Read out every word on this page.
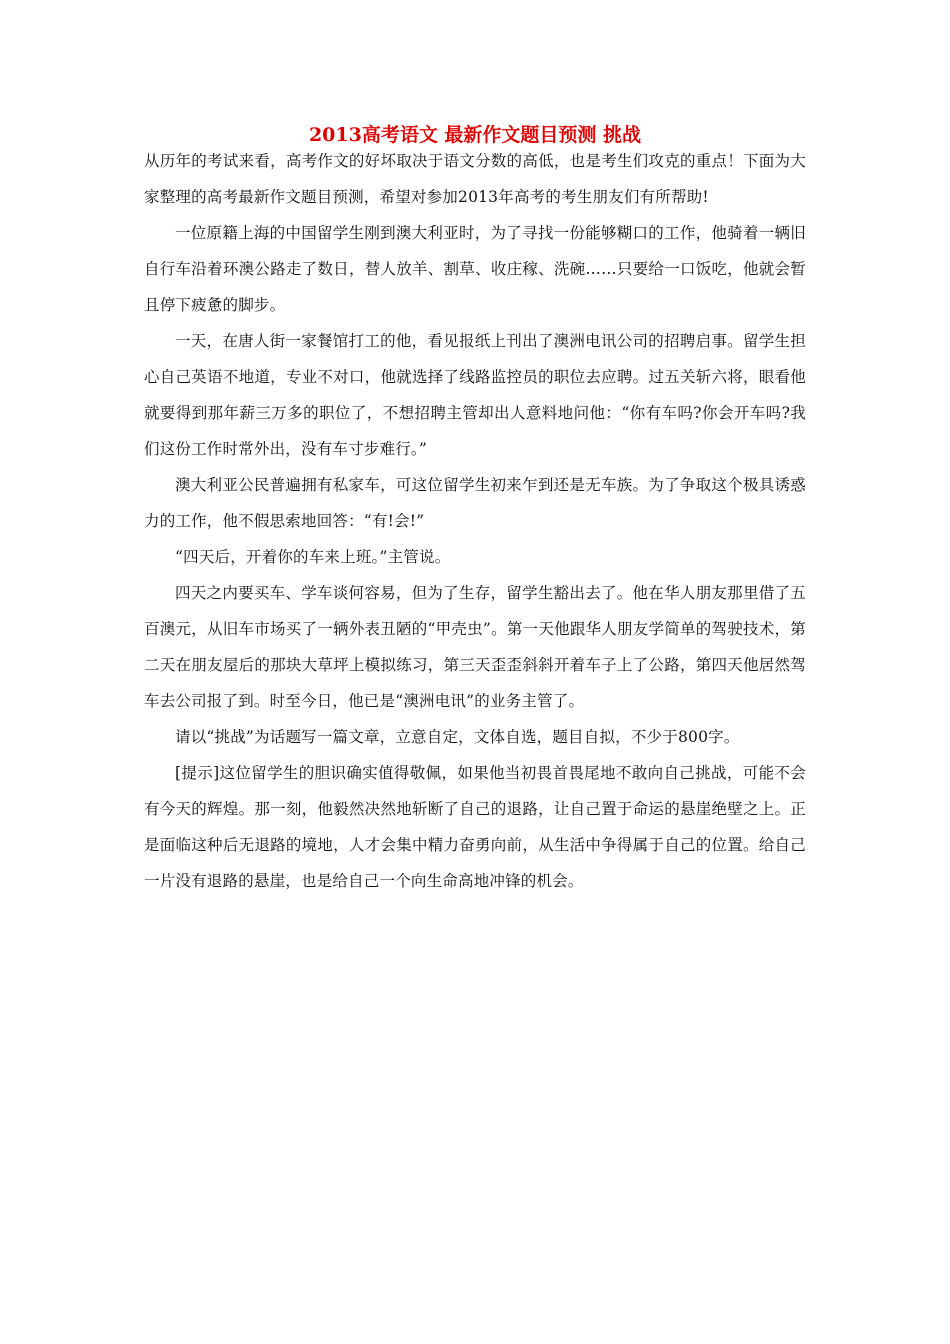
2013高考语文 最新作文题目预测 挑战

从历年的考试来看，高考作文的好坏取决于语文分数的高低，也是考生们攻克的重点！下面为大家整理的高考最新作文题目预测，希望对参加2013年高考的考生朋友们有所帮助!

一位原籍上海的中国留学生刚到澳大利亚时，为了寻找一份能够糊口的工作，他骑着一辆旧自行车沿着环澳公路走了数日，替人放羊、割草、收庄稼、洗碗……只要给一口饭吃，他就会暂且停下疲惫的脚步。

一天，在唐人街一家餐馆打工的他，看见报纸上刊出了澳洲电讯公司的招聘启事。留学生担心自己英语不地道，专业不对口，他就选择了线路监控员的职位去应聘。过五关斩六将，眼看他就要得到那年薪三万多的职位了，不想招聘主管却出人意料地问他：“你有车吗?你会开车吗?我们这份工作时常外出，没有车寸步难行。”

澳大利亚公民普遍拥有私家车，可这位留学生初来乍到还是无车族。为了争取这个极具诱惑力的工作，他不假思索地回答：“有!会!”

“四天后，开着你的车来上班。”主管说。

四天之内要买车、学车谈何容易，但为了生存，留学生豁出去了。他在华人朋友那里借了五百澳元，从旧车市场买了一辆外表丑陋的“甲壳虫”。第一天他跟华人朋友学简单的驾驶技术，第二天在朋友屋后的那块大草坪上模拟练习，第三天歪歪斜斜开着车子上了公路，第四天他居然驾车去公司报了到。时至今日，他已是“澳洲电讯”的业务主管了。

请以“挑战”为话题写一篇文章，立意自定，文体自选，题目自拟，不少于800字。

[提示]这位留学生的胆识确实值得敬佩，如果他当初畏首畏尾地不敢向自己挑战，可能不会有今天的辉煌。那一刻，他毅然决然地斩断了自己的退路，让自己置于命运的悬崖绝壁之上。正是面临这种后无退路的境地，人才会集中精力奋勇向前，从生活中争得属于自己的位置。给自己一片没有退路的悬崖，也是给自己一个向生命高地冲锋的机会。
